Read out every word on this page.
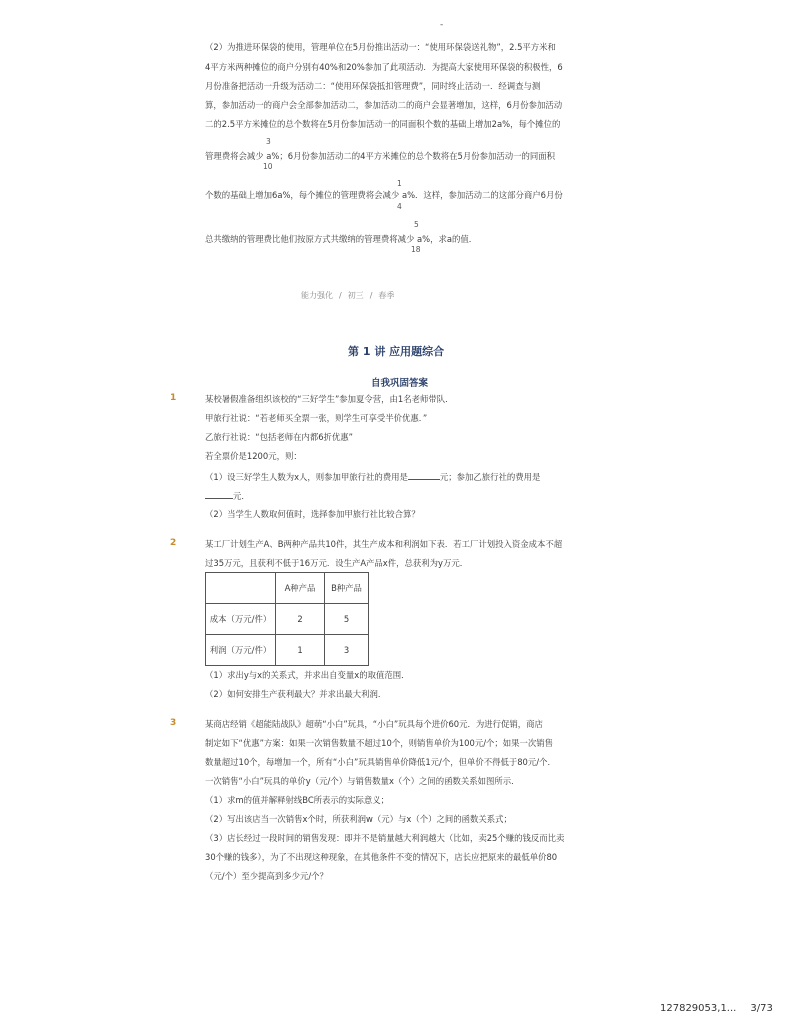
-
（2）为推进环保袋的使用，管理单位在5月份推出活动一：“使用环保袋送礼物”，2.5平方米和
4平方米两种摊位的商户分别有40%和20%参加了此项活动．为提高大家使用环保袋的积极性，6
月份准备把活动一升级为活动二：“使用环保袋抵扣管理费”，同时终止活动一．经调查与测
算，参加活动一的商户会全部参加活动二，参加活动二的商户会显著增加，这样，6月份参加活动
二的2.5平方米摊位的总个数将在5月份参加活动一的同面积个数的基础上增加2a%，每个摊位的
3
管理费将会减少 a%；6月份参加活动二的4平方米摊位的总个数将在5月份参加活动一的同面积
10
1
个数的基础上增加6a%，每个摊位的管理费将会减少 a%．这样，参加活动二的这部分商户6月份
4
5
总共缴纳的管理费比他们按原方式共缴纳的管理费将减少 a%，求a的值．
18
能力强化 / 初三 / 春季
第 1 讲 应用题综合
自我巩固答案
1	某校暑假准备组织该校的“三好学生”参加夏令营，由1名老师带队．
甲旅行社说：“若老师买全票一张，则学生可享受半价优惠．”
乙旅行社说：“包括老师在内都6折优惠”
若全票价是1200元，则：
（1）设三好学生人数为x人，则参加甲旅行社的费用是	元；参加乙旅行社的费用是
元．
（2）当学生人数取何值时，选择参加甲旅行社比较合算？
2	某工厂计划生产A、B两种产品共10件，其生产成本和利润如下表．若工厂计划投入资金成本不超
过35万元，且获利不低于16万元．设生产A产品x件，总获利为y万元．
	A种产品	B种产品
成本（万元/件）	2	5
利润（万元/件）	1	3
（1）求出y与x的关系式，并求出自变量x的取值范围．
（2）如何安排生产获利最大？并求出最大利润．
3	某商店经销《超能陆战队》超萌“小白”玩具，“小白”玩具每个进价60元．为进行促销，商店
制定如下“优惠”方案：如果一次销售数量不超过10个，则销售单价为100元/个；如果一次销售
数量超过10个，每增加一个，所有“小白”玩具销售单价降低1元/个，但单价不得低于80元/个．
一次销售“小白”玩具的单价y（元/个）与销售数量x（个）之间的函数关系如图所示．
（1）求m的值并解释射线BC所表示的实际意义；
（2）写出该店当一次销售x个时，所获利润w（元）与x（个）之间的函数关系式；
（3）店长经过一段时间的销售发现：即并不是销量越大利润越大（比如，卖25个赚的钱反而比卖
30个赚的钱多），为了不出现这种现象，在其他条件不变的情况下，店长应把原来的最低单价80
（元/个）至少提高到多少元/个？
127829053,1... 3/73
